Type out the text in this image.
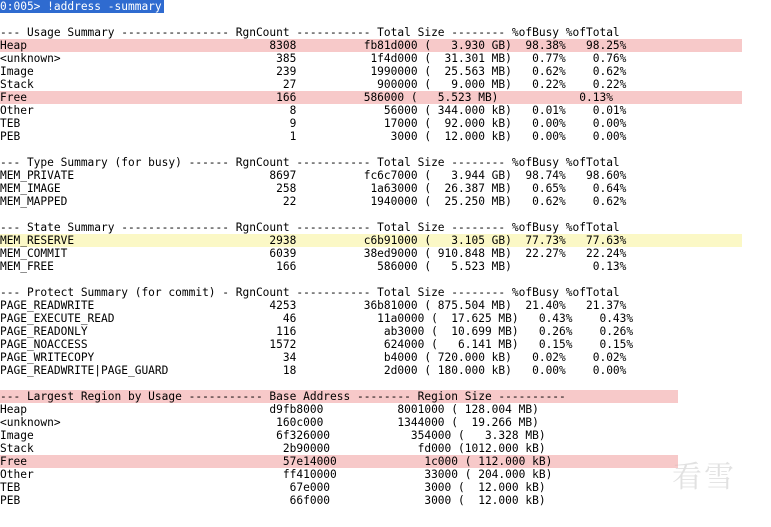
0:005> !address -summary
--- Usage Summary ---------------- RgnCount ----------- Total Size -------- %ofBusy %ofTotal
Heap                                    8308          fb81d000 (   3.930 GB)  98.38%   98.25%
<unknown>                                385           1f4d000 (  31.301 MB)   0.77%    0.76%
Image                                    239           1990000 (  25.563 MB)   0.62%    0.62%
Stack                                     27            900000 (   9.000 MB)   0.22%    0.22%
Free                                     166          586000 (   5.523 MB)            0.13%
Other                                      8             56000 ( 344.000 kB)   0.01%    0.01%
TEB                                        9             17000 (  92.000 kB)   0.00%    0.00%
PEB                                        1              3000 (  12.000 kB)   0.00%    0.00%
--- Type Summary (for busy) ------ RgnCount ----------- Total Size -------- %ofBusy %ofTotal
MEM_PRIVATE                             8697          fc6c7000 (   3.944 GB)  98.74%   98.60%
MEM_IMAGE                                258           1a63000 (  26.387 MB)   0.65%    0.64%
MEM_MAPPED                                22           1940000 (  25.250 MB)   0.62%    0.62%
--- State Summary ---------------- RgnCount ----------- Total Size -------- %ofBusy %ofTotal
MEM_RESERVE                             2938          c6b91000 (   3.105 GB)  77.73%   77.63%
MEM_COMMIT                              6039          38ed9000 ( 910.848 MB)  22.27%   22.24%
MEM_FREE                                 166            586000 (   5.523 MB)            0.13%
--- Protect Summary (for commit) - RgnCount ----------- Total Size -------- %ofBusy %ofTotal
PAGE_READWRITE                          4253          36b81000 ( 875.504 MB)  21.40%   21.37%
PAGE_EXECUTE_READ                         46            11a0000 (  17.625 MB)   0.43%    0.43%
PAGE_READONLY                            116             ab3000 (  10.699 MB)   0.26%    0.26%
PAGE_NOACCESS                           1572             624000 (   6.141 MB)   0.15%    0.15%
PAGE_WRITECOPY                            34             b4000 ( 720.000 kB)   0.02%    0.02%
PAGE_READWRITE|PAGE_GUARD                 18             2d000 ( 180.000 kB)   0.00%    0.00%
--- Largest Region by Usage ----------- Base Address -------- Region Size ----------
Heap                                    d9fb8000           8001000 ( 128.004 MB)
<unknown>                                160c000           1344000 (  19.266 MB)
Image                                    6f326000            354000 (   3.328 MB)
Stack                                     2b90000             fd000 (1012.000 kB)
Free                                      57e14000             1c000 ( 112.000 kB)
Other                                     ff410000             33000 ( 204.000 kB)
TEB                                        67e000              3000 (  12.000 kB)
PEB                                        66f000              3000 (  12.000 kB)
看雪
